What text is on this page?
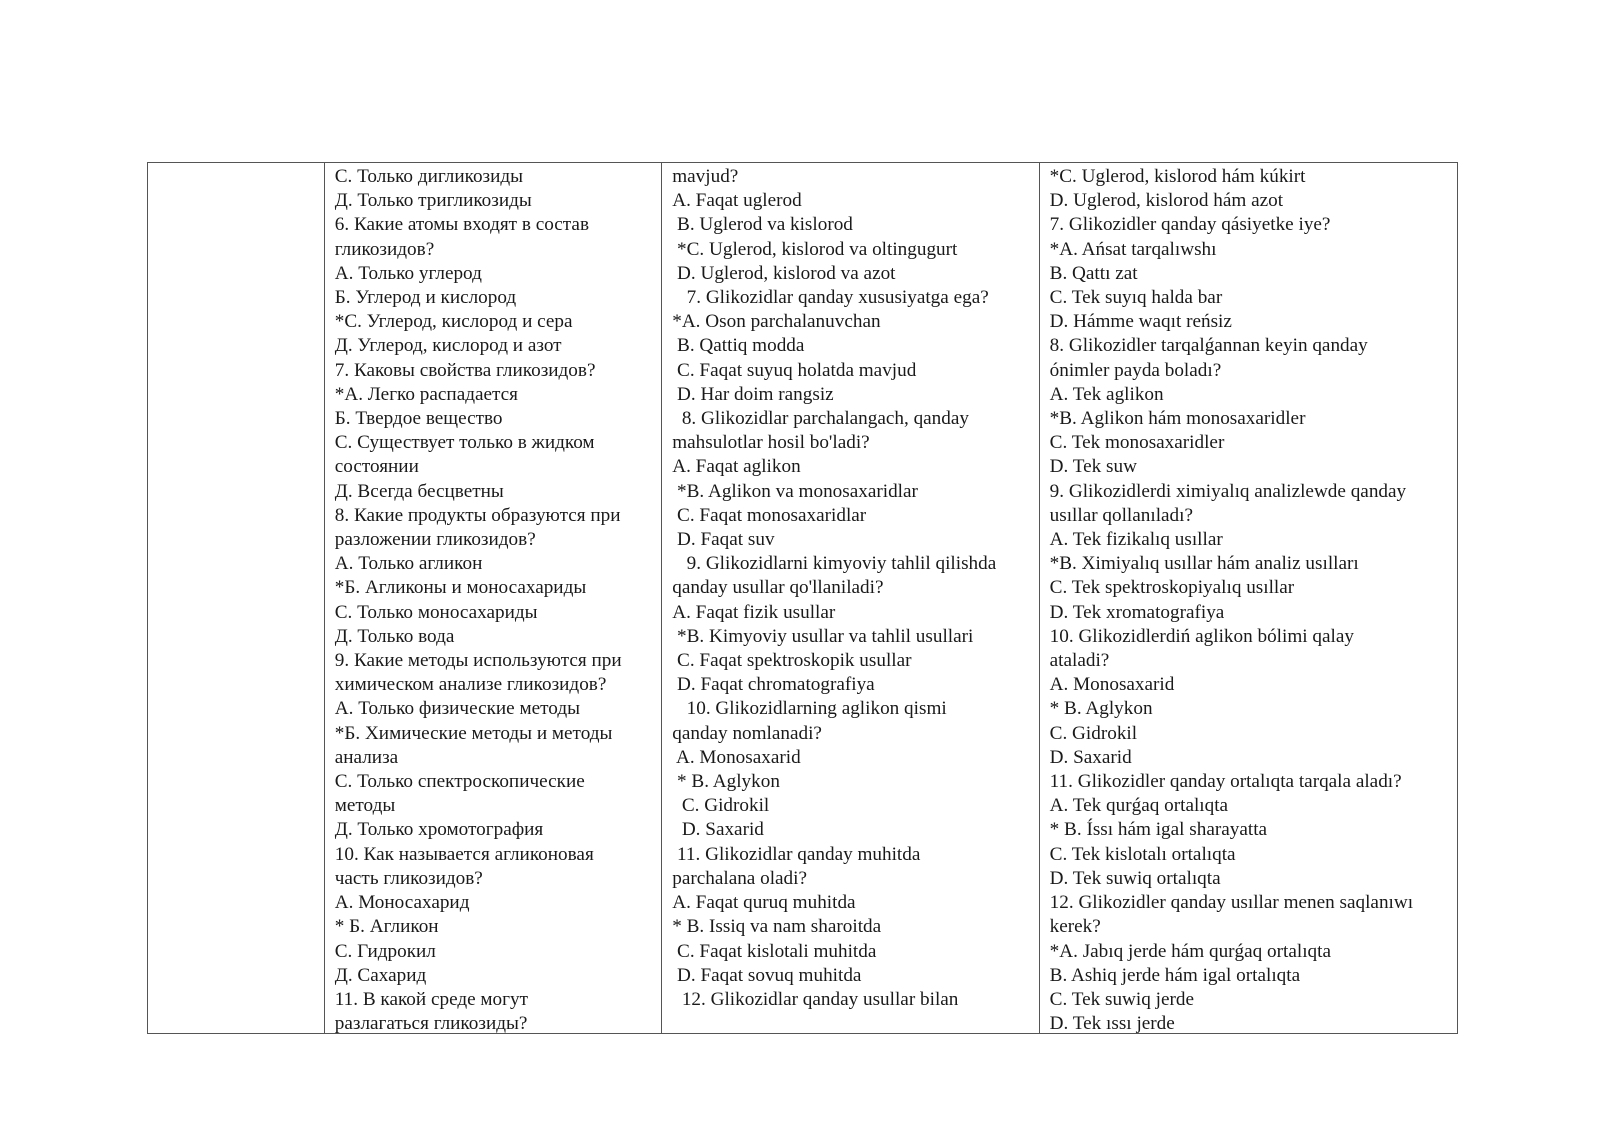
С. Только дигликозиды

Д. Только тригликозиды

6. Какие атомы входят в состав

гликозидов?

А. Только углерод

Б. Углерод и кислород

*С. Углерод, кислород и сера

Д. Углерод, кислород и азот

7. Каковы свойства гликозидов?

*А. Легко распадается

Б. Твердое вещество

С. Существует только в жидком

состоянии

Д. Всегда бесцветны

8. Какие продукты образуются при

разложении гликозидов?

А. Только агликон

*Б. Агликоны и моносахариды

С. Только моносахариды

Д. Только вода

9. Какие методы используются при

химическом анализе гликозидов?

А. Только физические методы

*Б. Химические методы и методы

анализа

С. Только спектроскопические

методы

Д. Только хромотография

10. Как называется агликоновая

часть гликозидов?

А. Моносахарид

* Б. Агликон

С. Гидрокил

Д. Сахарид

11. В какой среде могут

разлагаться гликозиды?

mavjud?

A. Faqat uglerod

B. Uglerod va kislorod

*C. Uglerod, kislorod va oltingugurt

D. Uglerod, kislorod va azot

7. Glikozidlar qanday xususiyatga ega?

*A. Oson parchalanuvchan

B. Qattiq modda

C. Faqat suyuq holatda mavjud

D. Har doim rangsiz

8. Glikozidlar parchalangach, qanday

mahsulotlar hosil bo'ladi?

A. Faqat aglikon

*B. Aglikon va monosaxaridlar

C. Faqat monosaxaridlar

D. Faqat suv

9. Glikozidlarni kimyoviy tahlil qilishda

qanday usullar qo'llaniladi?

A. Faqat fizik usullar

*B. Kimyoviy usullar va tahlil usullari

C. Faqat spektroskopik usullar

D. Faqat chromatografiya

10. Glikozidlarning aglikon qismi

qanday nomlanadi?

A. Monosaxarid

* B. Aglykon

C. Gidrokil

D. Saxarid

11. Glikozidlar qanday muhitda

parchalana oladi?

A. Faqat quruq muhitda

* B. Issiq va nam sharoitda

C. Faqat kislotali muhitda

D. Faqat sovuq muhitda

12. Glikozidlar qanday usullar bilan

*C. Uglerod, kislorod hám kúkirt

D. Uglerod, kislorod hám azot

7. Glikozidler qanday qásiyetke iye?

*A. Ańsat tarqalıwshı

B. Qattı zat

C. Tek suyıq halda bar

D. Hámme waqıt reńsiz

8. Glikozidler tarqalǵannan keyin qanday

ónimler payda boladı?

A. Tek aglikon

*B. Aglikon hám monosaxaridler

C. Tek monosaxaridler

D. Tek suw

9. Glikozidlerdi ximiyalıq analizlewde qanday

usıllar qollanıladı?

A. Tek fizikalıq usıllar

*B. Ximiyalıq usıllar hám analiz usılları

C. Tek spektroskopiyalıq usıllar

D. Tek xromatografiya

10. Glikozidlerdiń aglikon bólimi qalay

ataladi?

A. Monosaxarid

* B. Aglykon

C. Gidrokil

D. Saxarid

11. Glikozidler qanday ortalıqta tarqala aladı?

A. Tek qurǵaq ortalıqta

* B. Íssı hám igal sharayatta

C. Tek kislotalı ortalıqta

D. Tek suwiq ortalıqta

12. Glikozidler qanday usıllar menen saqlanıwı

kerek?

*A. Jabıq jerde hám qurǵaq ortalıqta

B. Ashiq jerde hám igal ortalıqta

C. Tek suwiq jerde

D. Tek ıssı jerde
